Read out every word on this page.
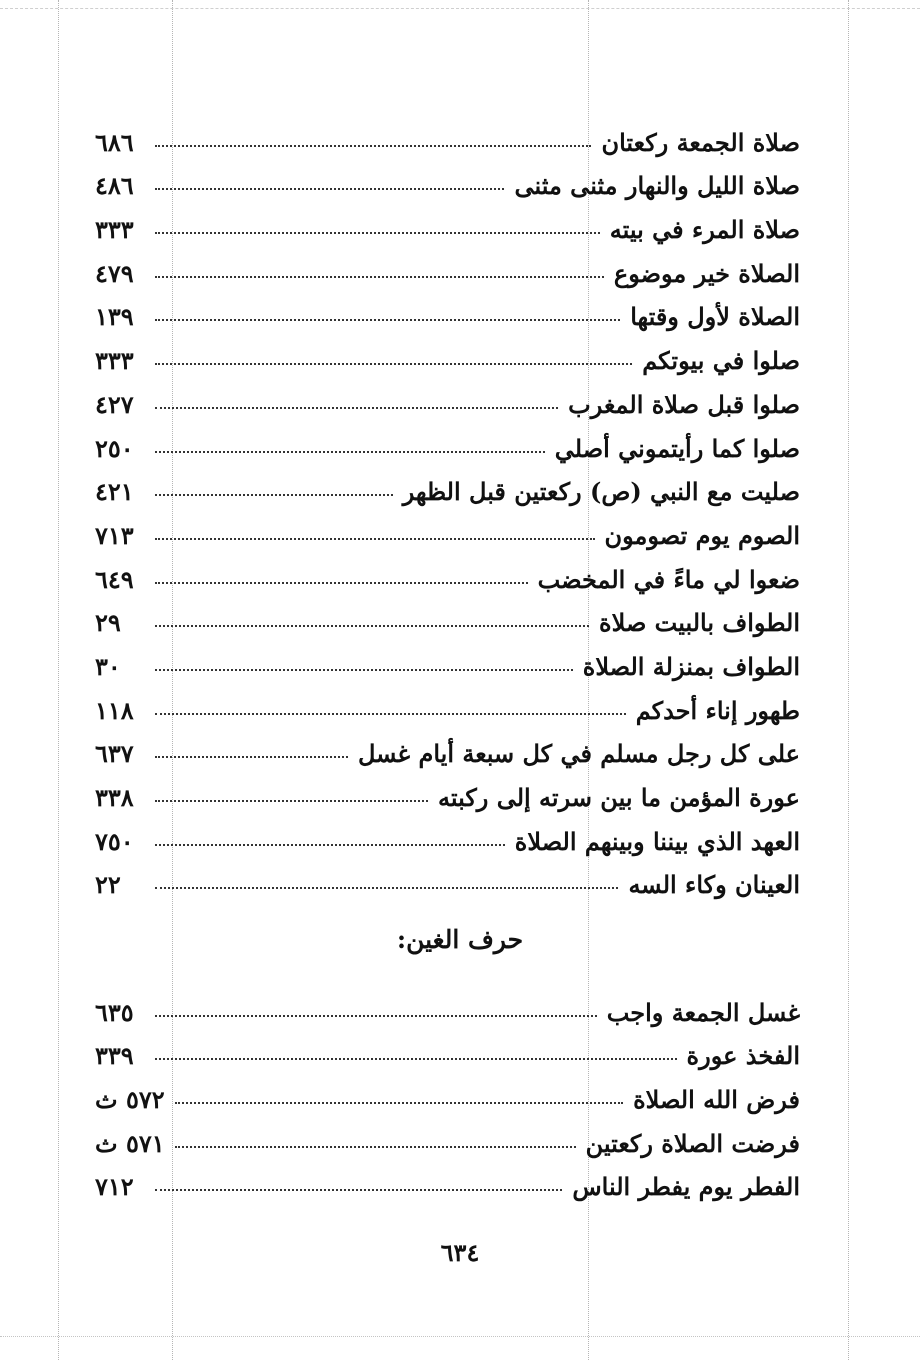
صلاة الجمعة ركعتان
٦٨٦
صلاة الليل والنهار مثنى مثنى
٤٨٦
صلاة المرء في بيته
٣٣٣
الصلاة خير موضوع
٤٧٩
الصلاة لأول وقتها
١٣٩
صلوا في بيوتكم
٣٣٣
صلوا قبل صلاة المغرب
٤٢٧
صلوا كما رأيتموني أصلي
٢٥٠
صليت مع النبي (ص) ركعتين قبل الظهر
٤٢١
الصوم يوم تصومون
٧١٣
ضعوا لي ماءً في المخضب
٦٤٩
الطواف بالبيت صلاة
٢٩
الطواف بمنزلة الصلاة
٣٠
طهور إناء أحدكم
١١٨
على كل رجل مسلم في كل سبعة أيام غسل
٦٣٧
عورة المؤمن ما بين سرته إلى ركبته
٣٣٨
العهد الذي بيننا وبينهم الصلاة
٧٥٠
العينان وكاء السه
٢٢
حرف الغين:
غسل الجمعة واجب
٦٣٥
الفخذ عورة
٣٣٩
فرض الله الصلاة
٥٧٢ ث
فرضت الصلاة ركعتين
٥٧١ ث
الفطر يوم يفطر الناس
٧١٢
٦٣٤
